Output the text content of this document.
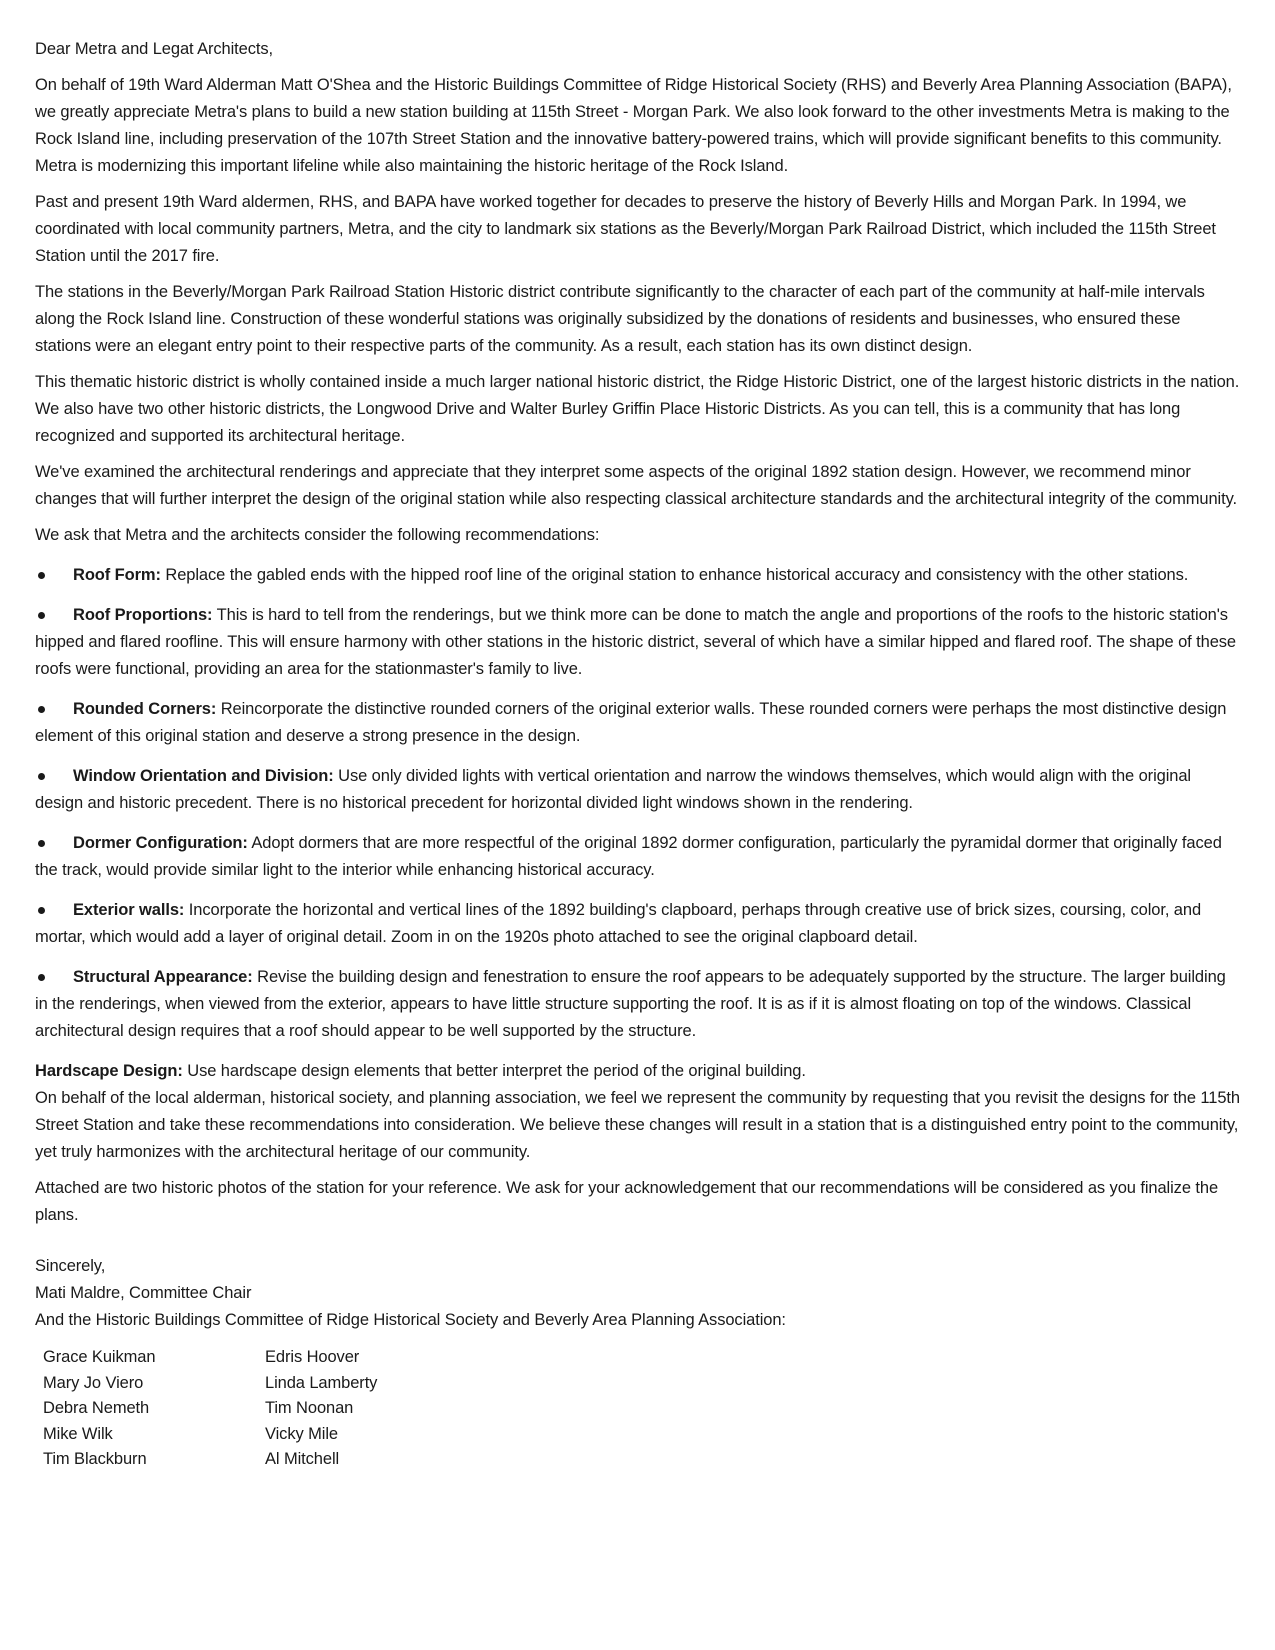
Dear Metra and Legat Architects,

On behalf of 19th Ward Alderman Matt O'Shea and the Historic Buildings Committee of Ridge Historical Society (RHS) and Beverly Area Planning Association (BAPA), we greatly appreciate Metra's plans to build a new station building at 115th Street - Morgan Park. We also look forward to the other investments Metra is making to the Rock Island line, including preservation of the 107th Street Station and the innovative battery-powered trains, which will provide significant benefits to this community. Metra is modernizing this important lifeline while also maintaining the historic heritage of the Rock Island.

Past and present 19th Ward aldermen, RHS, and BAPA have worked together for decades to preserve the history of Beverly Hills and Morgan Park. In 1994, we coordinated with local community partners, Metra, and the city to landmark six stations as the Beverly/Morgan Park Railroad District, which included the 115th Street Station until the 2017 fire.

The stations in the Beverly/Morgan Park Railroad Station Historic district contribute significantly to the character of each part of the community at half-mile intervals along the Rock Island line. Construction of these wonderful stations was originally subsidized by the donations of residents and businesses, who ensured these stations were an elegant entry point to their respective parts of the community. As a result, each station has its own distinct design.

This thematic historic district is wholly contained inside a much larger national historic district, the Ridge Historic District, one of the largest historic districts in the nation. We also have two other historic districts, the Longwood Drive and Walter Burley Griffin Place Historic Districts. As you can tell, this is a community that has long recognized and supported its architectural heritage.

We've examined the architectural renderings and appreciate that they interpret some aspects of the original 1892 station design. However, we recommend minor changes that will further interpret the design of the original station while also respecting classical architecture standards and the architectural integrity of the community.

We ask that Metra and the architects consider the following recommendations:

Roof Form: Replace the gabled ends with the hipped roof line of the original station to enhance historical accuracy and consistency with the other stations.

Roof Proportions: This is hard to tell from the renderings, but we think more can be done to match the angle and proportions of the roofs to the historic station's hipped and flared roofline. This will ensure harmony with other stations in the historic district, several of which have a similar hipped and flared roof. The shape of these roofs were functional, providing an area for the stationmaster's family to live.

Rounded Corners: Reincorporate the distinctive rounded corners of the original exterior walls. These rounded corners were perhaps the most distinctive design element of this original station and deserve a strong presence in the design.

Window Orientation and Division: Use only divided lights with vertical orientation and narrow the windows themselves, which would align with the original design and historic precedent. There is no historical precedent for horizontal divided light windows shown in the rendering.

Dormer Configuration: Adopt dormers that are more respectful of the original 1892 dormer configuration, particularly the pyramidal dormer that originally faced the track, would provide similar light to the interior while enhancing historical accuracy.

Exterior walls: Incorporate the horizontal and vertical lines of the 1892 building's clapboard, perhaps through creative use of brick sizes, coursing, color, and mortar, which would add a layer of original detail. Zoom in on the 1920s photo attached to see the original clapboard detail.

Structural Appearance: Revise the building design and fenestration to ensure the roof appears to be adequately supported by the structure. The larger building in the renderings, when viewed from the exterior, appears to have little structure supporting the roof. It is as if it is almost floating on top of the windows. Classical architectural design requires that a roof should appear to be well supported by the structure.

Hardscape Design: Use hardscape design elements that better interpret the period of the original building.
On behalf of the local alderman, historical society, and planning association, we feel we represent the community by requesting that you revisit the designs for the 115th Street Station and take these recommendations into consideration. We believe these changes will result in a station that is a distinguished entry point to the community, yet truly harmonizes with the architectural heritage of our community.

Attached are two historic photos of the station for your reference. We ask for your acknowledgement that our recommendations will be considered as you finalize the plans.

Sincerely,
Mati Maldre, Committee Chair
And the Historic Buildings Committee of Ridge Historical Society and Beverly Area Planning Association:
Grace Kuikman
Mary Jo Viero
Debra Nemeth
Mike Wilk
Tim Blackburn
Edris Hoover
Linda Lamberty
Tim Noonan
Vicky Mile
Al Mitchell
